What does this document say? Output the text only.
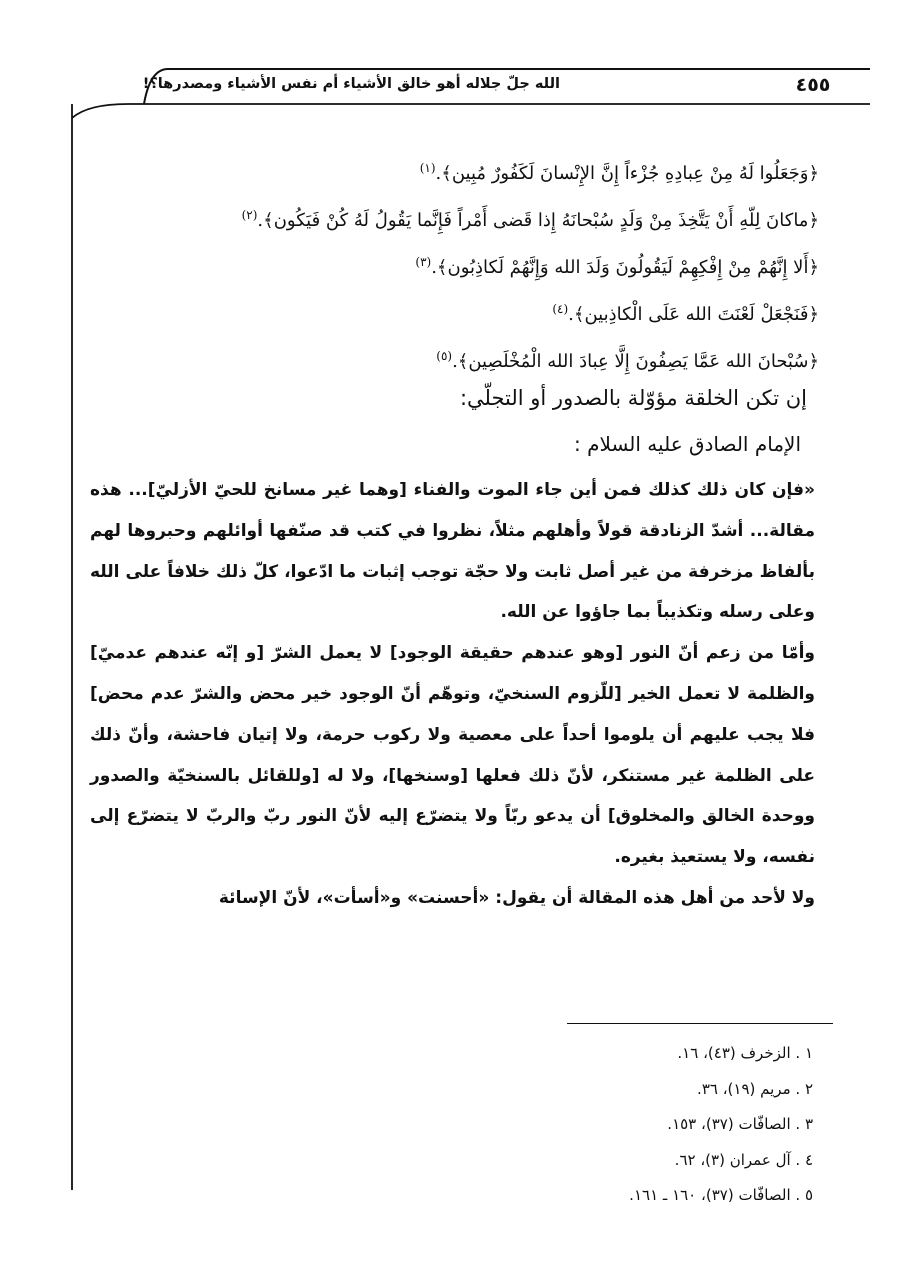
الله جلّ جلاله أهو خالق الأشياء أم نفس الأشياء ومصدرها؟!	٤٥٥
﴿وَجَعَلُوا لَهُ مِنْ عِبادِهِ جُزْءاً إِنَّ الإِنْسانَ لَكَفُورٌ مُبِين﴾.$^{(١)}$
﴿ماكانَ لِلّهِ أَنْ يَتَّخِذَ مِنْ وَلَدٍ سُبْحانَهُ إِذا قَضى أَمْراً فَإِنَّما يَقُولُ لَهُ كُنْ فَيَكُون﴾.$^{(٢)}$
﴿أَلا إِنَّهُمْ مِنْ إِفْكِهِمْ لَيَقُولُونَ وَلَدَ الله وَإِنَّهُمْ لَكاذِبُون﴾.$^{(٣)}$
﴿فَنَجْعَلْ لَعْنَتَ الله عَلَى الْكاذِبين﴾.$^{(٤)}$
﴿سُبْحانَ الله عَمَّا يَصِفُونَ إِلَّا عِبادَ الله الْمُخْلَصِين﴾.$^{(٥)}$
إن تكن الخلقة مؤوّلة بالصدور أو التجلّي:
الإمام الصادق عليه السلام :

«فإن كان ذلك كذلك فمن أين جاء الموت والفناء [وهما غير مسانخ للحيّ الأزليّ]... هذه مقالة... أشدّ الزنادقة قولاً وأهلهم مثلاً، نظروا في كتب قد صنّفها أوائلهم وحبروها لهم بألفاظ مزخرفة من غير أصل ثابت ولا حجّة توجب إثبات ما ادّعوا، كلّ ذلك خلافاً على الله وعلى رسله وتكذيباً بما جاؤوا عن الله.

وأمّا من زعم أنّ النور [وهو عندهم حقيقة الوجود] لا يعمل الشرّ [و إنّه عندهم عدميّ] والظلمة لا تعمل الخير [للّزوم السنخيّ، وتوهّم أنّ الوجود خير محض والشرّ عدم محض] فلا يجب عليهم أن يلوموا أحداً على معصية ولا ركوب حرمة، ولا إتيان فاحشة، وأنّ ذلك على الظلمة غير مستنكر، لأنّ ذلك فعلها [وسنخها]، ولا له [وللقائل بالسنخيّة والصدور ووحدة الخالق والمخلوق] أن يدعو ربّاً ولا يتضرّع إليه لأنّ النور ربّ والربّ لا يتضرّع إلى نفسه، ولا يستعيذ بغيره.

ولا لأحد من أهل هذه المقالة أن يقول: «أحسنت» و«أسأت»، لأنّ الإسائة

١ . الزخرف (٤٣)، ١٦.
٢ . مريم (١٩)، ٣٦.
٣ . الصافّات (٣٧)، ١٥٣.
٤ . آل عمران (٣)، ٦٢.
٥ . الصافّات (٣٧)، ١٦٠ ـ ١٦١.
